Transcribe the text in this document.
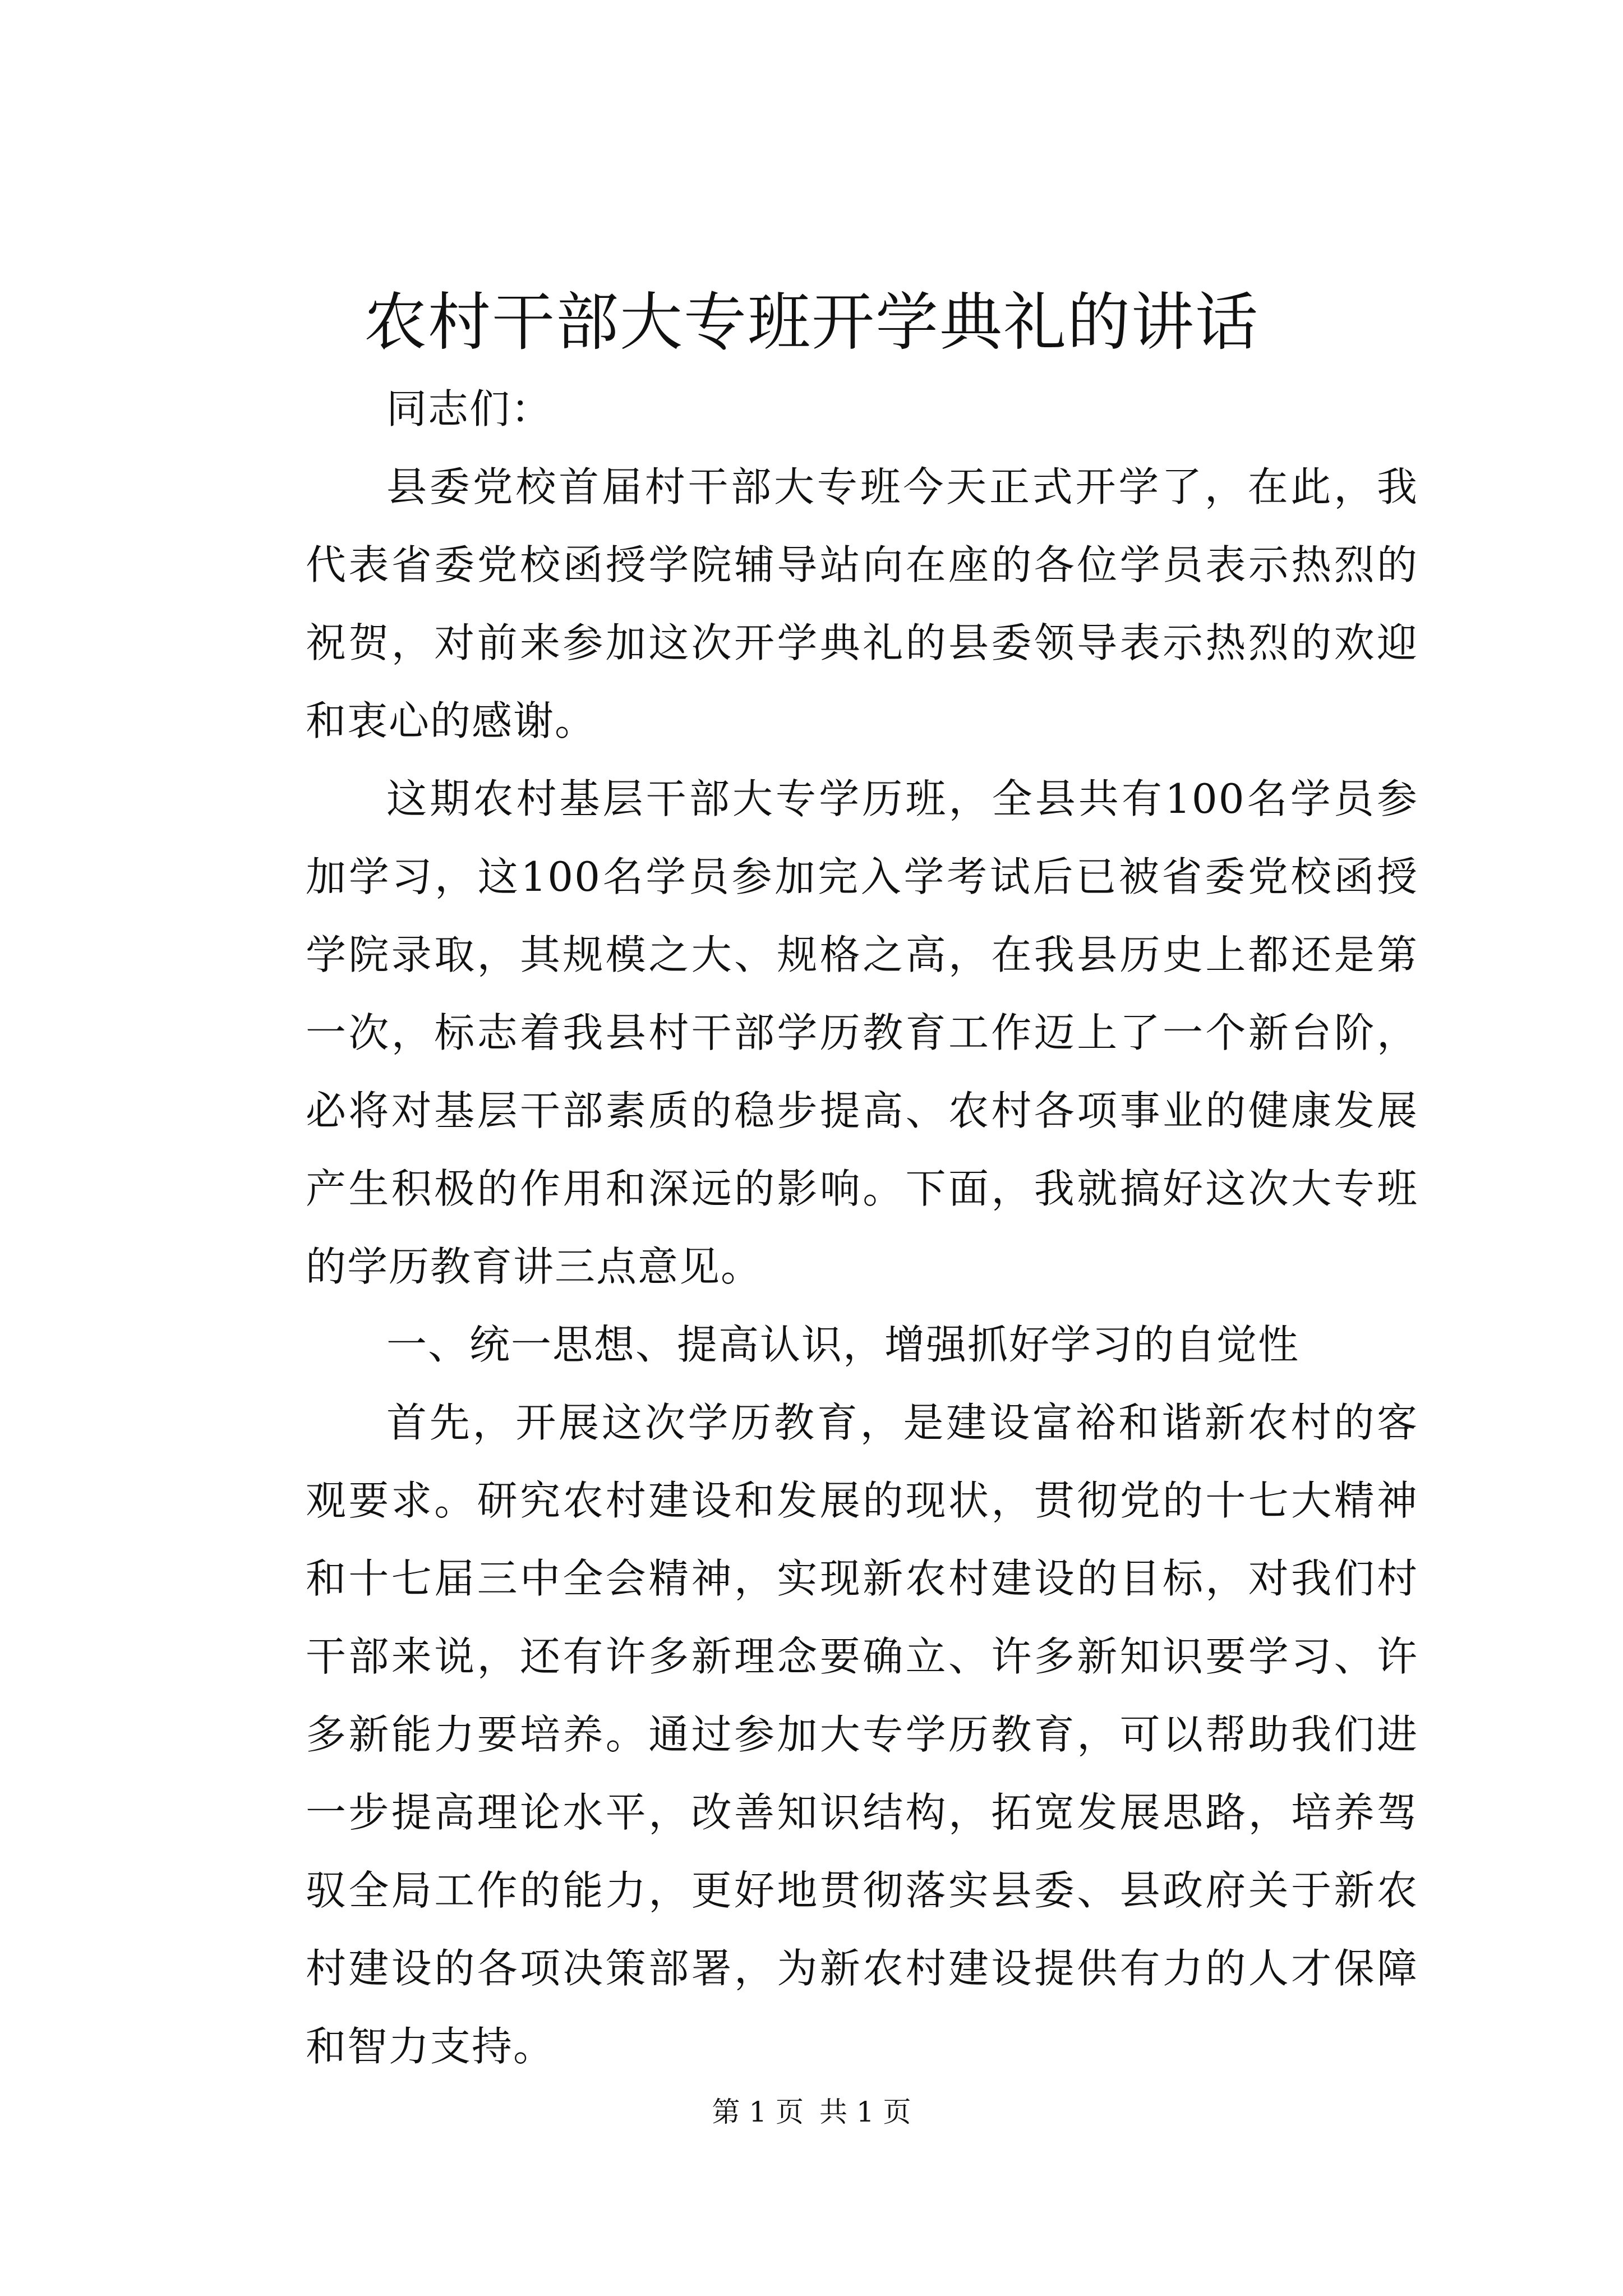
农村干部大专班开学典礼的讲话

同志们：

县委党校首届村干部大专班今天正式开学了，在此，我代表省委党校函授学院辅导站向在座的各位学员表示热烈的祝贺，对前来参加这次开学典礼的县委领导表示热烈的欢迎和衷心的感谢。

这期农村基层干部大专学历班，全县共有100名学员参加学习，这100名学员参加完入学考试后已被省委党校函授学院录取，其规模之大、规格之高，在我县历史上都还是第一次，标志着我县村干部学历教育工作迈上了一个新台阶，必将对基层干部素质的稳步提高、农村各项事业的健康发展产生积极的作用和深远的影响。下面，我就搞好这次大专班的学历教育讲三点意见。

一、统一思想、提高认识，增强抓好学习的自觉性

首先，开展这次学历教育，是建设富裕和谐新农村的客观要求。研究农村建设和发展的现状，贯彻党的十七大精神和十七届三中全会精神，实现新农村建设的目标，对我们村干部来说，还有许多新理念要确立、许多新知识要学习、许多新能力要培养。通过参加大专学历教育，可以帮助我们进一步提高理论水平，改善知识结构，拓宽发展思路，培养驾驭全局工作的能力，更好地贯彻落实县委、县政府关于新农村建设的各项决策部署，为新农村建设提供有力的人才保障和智力支持。

第 1 页 共 1 页
